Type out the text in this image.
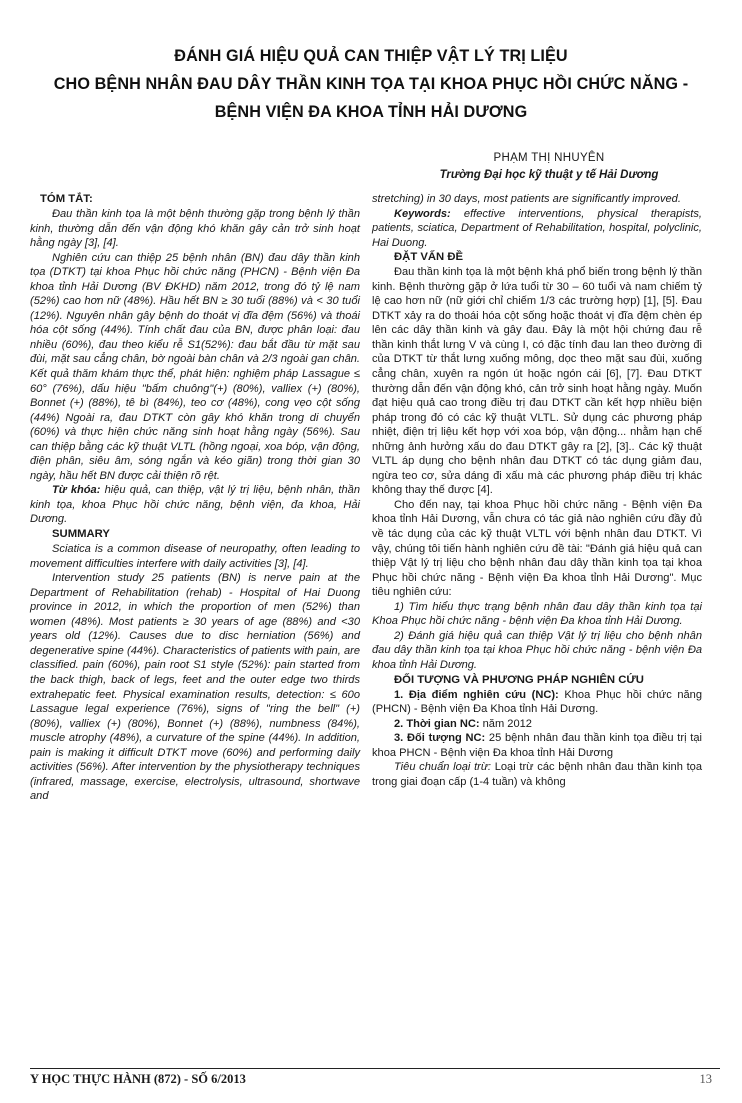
ĐÁNH GIÁ HIỆU QUẢ CAN THIỆP VẬT LÝ TRỊ LIỆU
CHO BỆNH NHÂN ĐAU DÂY THẦN KINH TỌA TẠI KHOA PHỤC HỒI CHỨC NĂNG -
BỆNH VIỆN ĐA KHOA TỈNH HẢI DƯƠNG
PHẠM THỊ NHUYÊN
Trường Đại học kỹ thuật y tế Hải Dương
TÓM TẮT:

Đau thần kinh tọa là một bệnh thường gặp trong bệnh lý thần kinh, thường dẫn đến vận động khó khăn gây cản trở sinh hoạt hằng ngày [3], [4].

Nghiên cứu can thiệp 25 bệnh nhân (BN) đau dây thần kinh tọa (DTKT) tại khoa Phục hồi chức năng (PHCN) - Bệnh viện Đa khoa tỉnh Hải Dương (BV ĐKHD) năm 2012, trong đó tỷ lệ nam (52%) cao hơn nữ (48%). Hầu hết BN ≥ 30 tuổi (88%) và < 30 tuổi (12%). Nguyên nhân gây bệnh do thoát vị đĩa đệm (56%) và thoái hóa cột sống (44%). Tính chất đau của BN, được phân loại: đau nhiều (60%), đau theo kiểu rễ S1(52%): đau bắt đầu từ mặt sau đùi, mặt sau cẳng chân, bờ ngoài bàn chân và 2/3 ngoài gan chân. Kết quả thăm khám thực thể, phát hiện: nghiệm pháp Lassague ≤ 60° (76%), dấu hiệu "bấm chuông"(+) (80%), valliex (+) (80%), Bonnet (+) (88%), tê bì (84%), teo cơ (48%), cong vẹo cột sống (44%) Ngoài ra, đau DTKT còn gây khó khăn trong di chuyển (60%) và thực hiện chức năng sinh hoạt hằng ngày (56%). Sau can thiệp bằng các kỹ thuật VLTL (hồng ngoại, xoa bóp, vận động, điện phân, siêu âm, sóng ngắn và kéo giãn) trong thời gian 30 ngày, hầu hết BN được cải thiện rõ rệt.

Từ khóa: hiệu quả, can thiệp, vật lý trị liệu, bệnh nhân, thần kinh tọa, khoa Phục hồi chức năng, bệnh viện, đa khoa, Hải Dương.

SUMMARY

Sciatica is a common disease of neuropathy, often leading to movement difficulties interfere with daily activities [3], [4].

Intervention study 25 patients (BN) is nerve pain at the Department of Rehabilitation (rehab) - Hospital of Hai Duong province in 2012, in which the proportion of men (52%) than women (48%). Most patients ≥ 30 years of age (88%) and <30 years old (12%). Causes due to disc herniation (56%) and degenerative spine (44%). Characteristics of patients with pain, are classified. pain (60%), pain root S1 style (52%): pain started from the back thigh, back of legs, feet and the outer edge two thirds extrahepatic feet. Physical examination results, detection: ≤ 60o Lassague legal experience (76%), signs of "ring the bell" (+) (80%), valliex (+) (80%), Bonnet (+) (88%), numbness (84%), muscle atrophy (48%), a curvature of the spine (44%). In addition, pain is making it difficult DTKT move (60%) and performing daily activities (56%). After intervention by the physiotherapy techniques (infrared, massage, exercise, electrolysis, ultrasound, shortwave and

stretching) in 30 days, most patients are significantly improved.

Keywords: effective interventions, physical therapists, patients, sciatica, Department of Rehabilitation, hospital, polyclinic, Hai Duong.

ĐẶT VẤN ĐỀ

Đau thần kinh tọa là một bệnh khá phổ biến trong bệnh lý thần kinh. Bệnh thường gặp ở lứa tuổi từ 30 – 60 tuổi và nam chiếm tỷ lệ cao hơn nữ (nữ giới chỉ chiếm 1/3 các trường hợp) [1], [5]. Đau DTKT xảy ra do thoái hóa cột sống hoặc thoát vị đĩa đệm chèn ép lên các dây thần kinh và gây đau. Đây là một hội chứng đau rễ thần kinh thắt lưng V và cùng I, có đặc tính đau lan theo đường đi của DTKT từ thắt lưng xuống mông, dọc theo mặt sau đùi, xuống cẳng chân, xuyên ra ngón út hoặc ngón cái [6], [7]. Đau DTKT thường dẫn đến vận động khó, cản trở sinh hoạt hằng ngày. Muốn đạt hiệu quả cao trong điều trị đau DTKT cần kết hợp nhiều biện pháp trong đó có các kỹ thuật VLTL. Sử dụng các phương pháp nhiệt, điện trị liệu kết hợp với xoa bóp, vận động... nhằm hạn chế những ảnh hưởng xấu do đau DTKT gây ra [2], [3].. Các kỹ thuật VLTL áp dụng cho bệnh nhân đau DTKT có tác dụng giảm đau, ngừa teo cơ, sửa dáng đi xấu mà các phương pháp điều trị khác không thay thế được [4].

Cho đến nay, tại khoa Phục hồi chức năng - Bệnh viện Đa khoa tỉnh Hải Dương, vẫn chưa có tác giả nào nghiên cứu đầy đủ về tác dụng của các kỹ thuật VLTL với bệnh nhân đau DTKT. Vì vậy, chúng tôi tiến hành nghiên cứu đề tài: "Đánh giá hiệu quả can thiệp Vật lý trị liệu cho bệnh nhân đau dây thần kinh tọa tại khoa Phục hồi chức năng - Bệnh viện Đa khoa tỉnh Hải Dương". Mục tiêu nghiên cứu:

1) Tìm hiểu thực trạng bệnh nhân đau dây thần kinh tọa tại Khoa Phục hồi chức năng - bệnh viện Đa khoa tỉnh Hải Dương.

2) Đánh giá hiệu quả can thiệp Vật lý trị liệu cho bệnh nhân đau dây thần kinh tọa tại khoa Phục hồi chức năng - bệnh viện Đa khoa tỉnh Hải Dương.

ĐỐI TƯỢNG VÀ PHƯƠNG PHÁP NGHIÊN CỨU

1. Địa điểm nghiên cứu (NC): Khoa Phục hồi chức năng (PHCN) - Bệnh viện Đa Khoa tỉnh Hải Dương.

2. Thời gian NC: năm 2012

3. Đối tượng NC: 25 bệnh nhân đau thần kinh tọa điều trị tại khoa PHCN - Bệnh viện Đa khoa tỉnh Hải Dương

Tiêu chuẩn loại trừ: Loại trừ các bệnh nhân đau thần kinh tọa trong giai đoạn cấp (1-4 tuần) và không

Y HỌC THỰC HÀNH (872) - SỐ 6/2013	13
